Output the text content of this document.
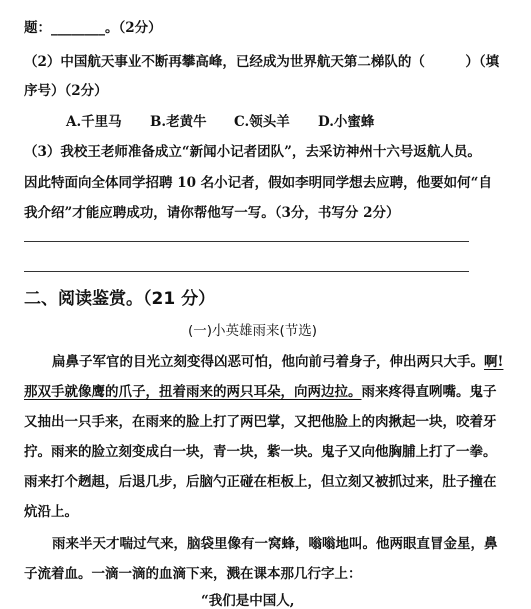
题：________。（2分）
（2）中国航天事业不断再攀高峰，已经成为世界航天第二梯队的（　　　）（填
序号）（2分）
A.千里马 B.老黄牛 C.领头羊 D.小蜜蜂
（3）我校王老师准备成立“新闻小记者团队”，去采访神州十六号返航人员。
因此特面向全体同学招聘 10 名小记者，假如李明同学想去应聘，他要如何“自
我介绍”才能应聘成功，请你帮他写一写。（3分，书写分 2分）
二、阅读鉴赏。（21 分）
(一)小英雄雨来(节选)
扁鼻子军官的目光立刻变得凶恶可怕，他向前弓着身子，伸出两只大手。啊!
那双手就像鹰的爪子，扭着雨来的两只耳朵，向两边拉。雨来疼得直咧嘴。鬼子
又抽出一只手来，在雨来的脸上打了两巴掌，又把他脸上的肉揪起一块，咬着牙
拧。雨来的脸立刻变成白一块，青一块，紫一块。鬼子又向他胸脯上打了一拳。
雨来打个趔趄，后退几步，后脑勺正碰在柜板上，但立刻又被抓过来，肚子撞在
炕沿上。
雨来半天才喘过气来，脑袋里像有一窝蜂，嗡嗡地叫。他两眼直冒金星，鼻
子流着血。一滴一滴的血滴下来，溅在课本那几行字上：
“我们是中国人,
